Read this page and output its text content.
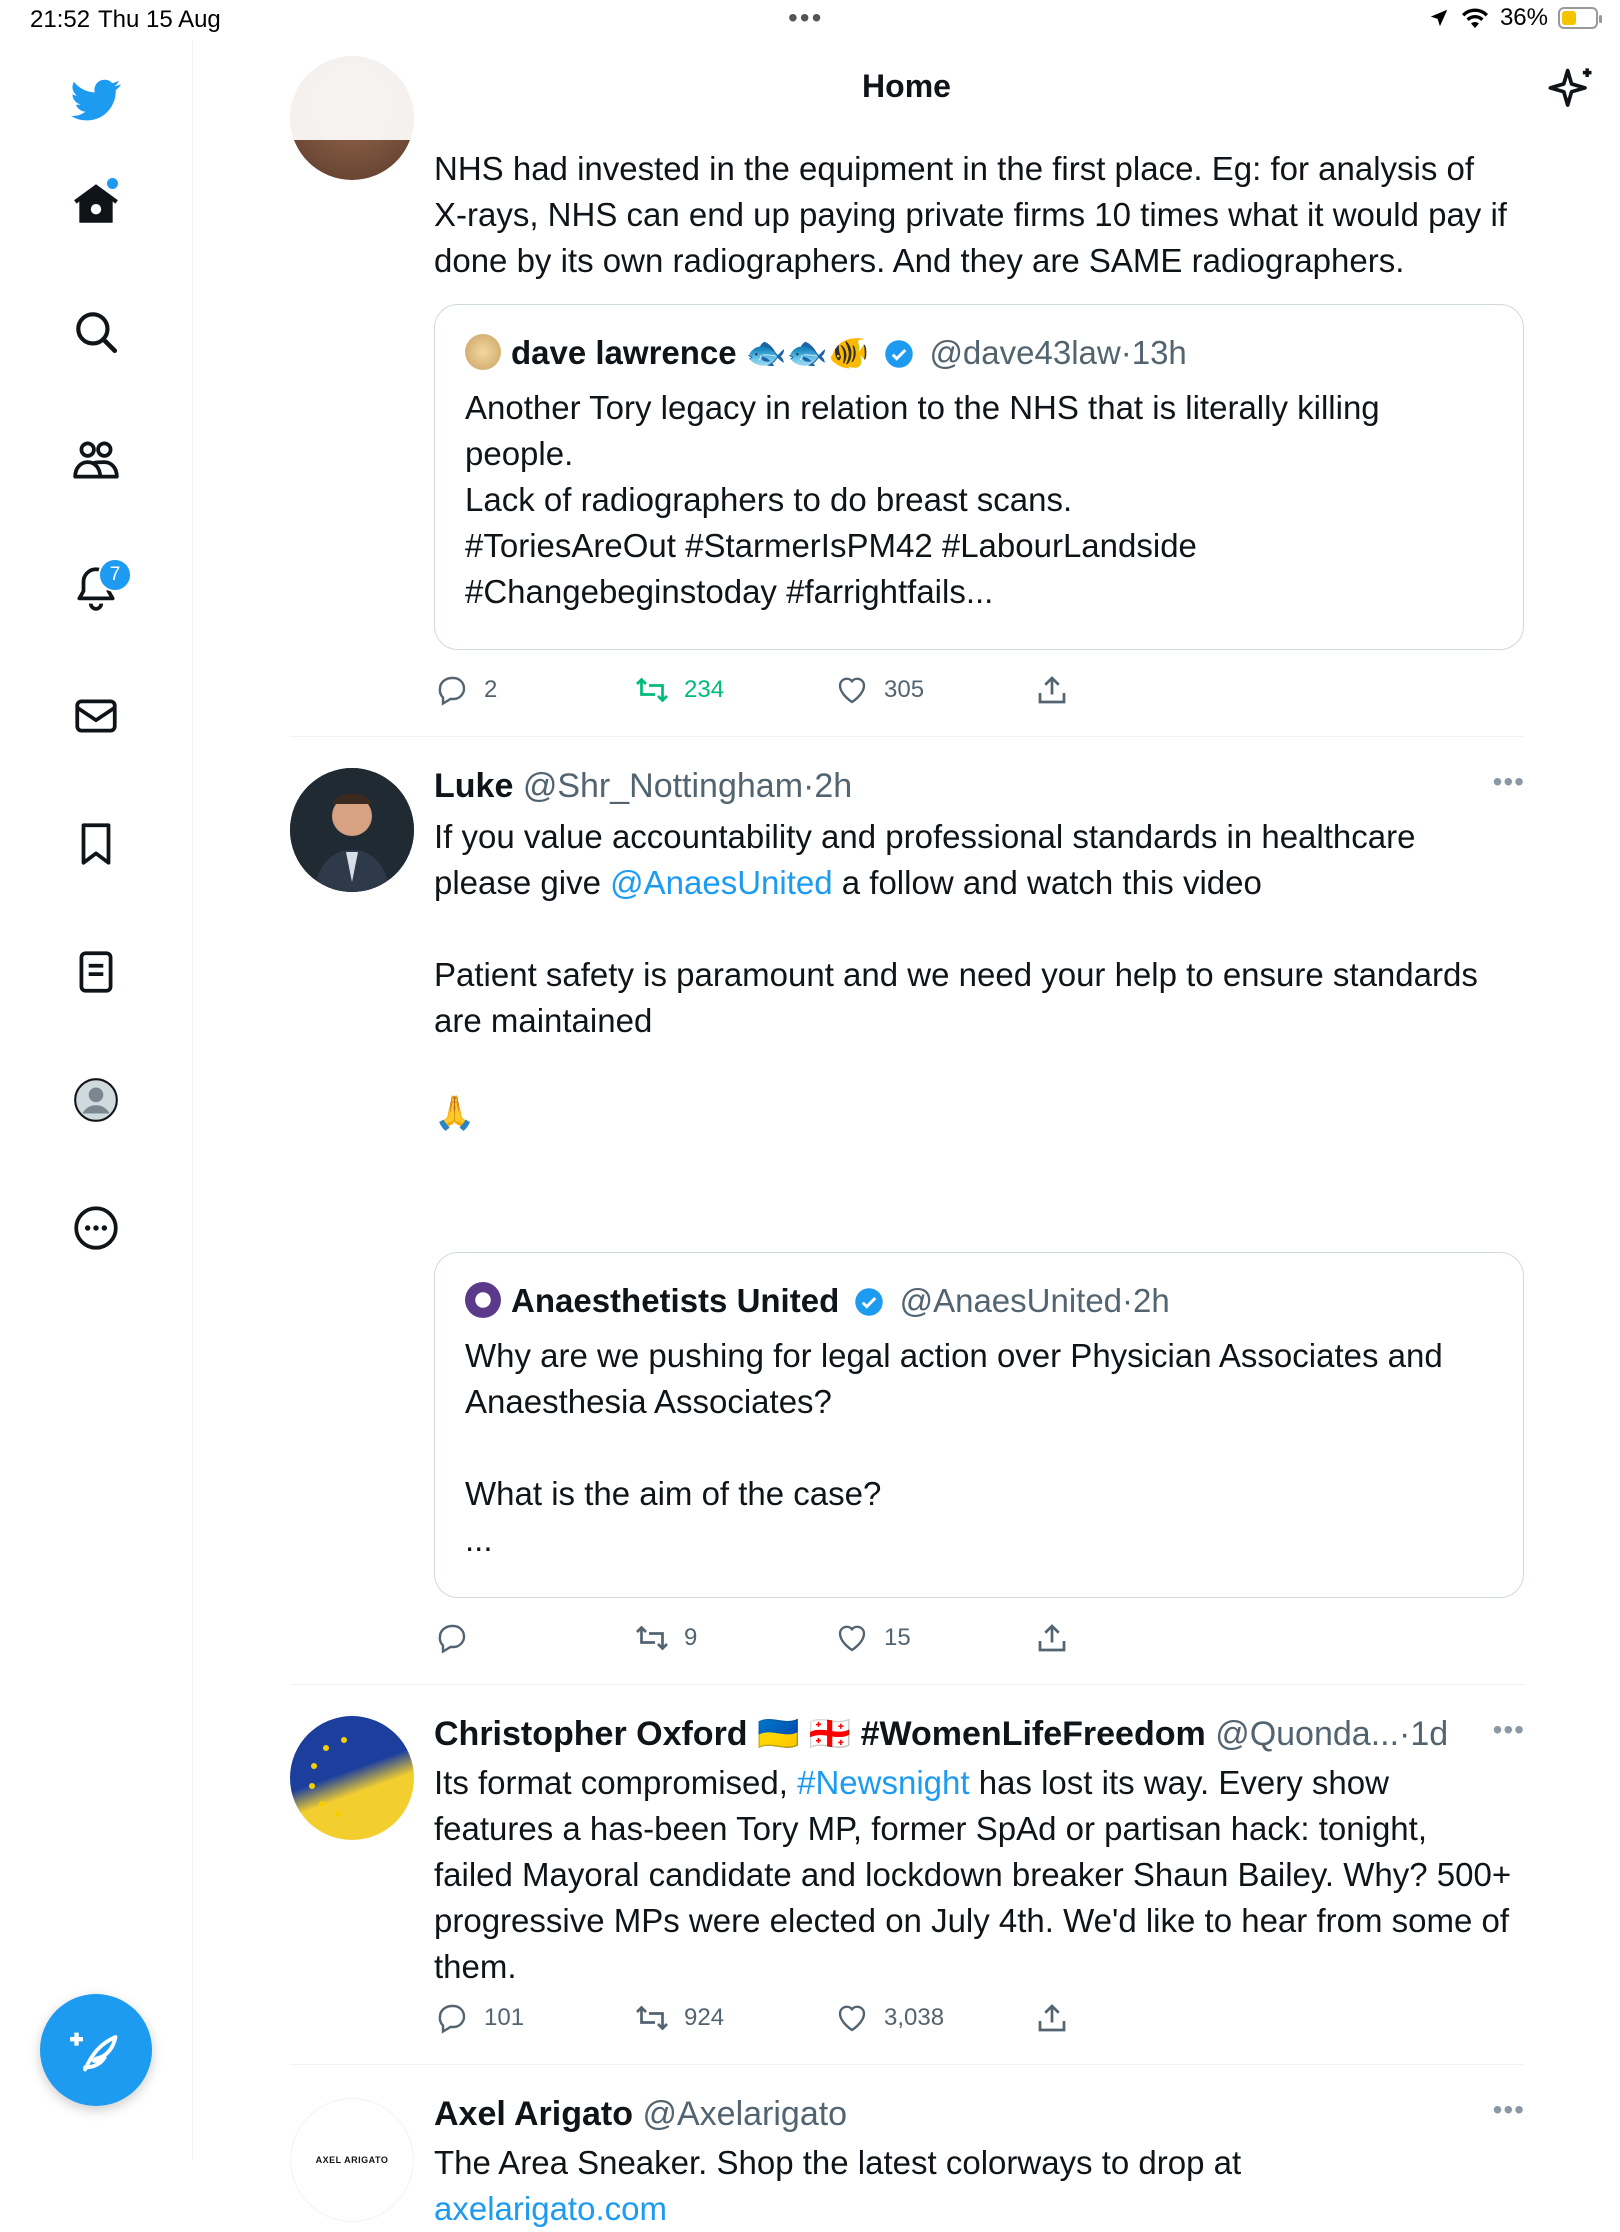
21:52 Thu 15 Aug	•••	36%
7
NHS had invested in the equipment in the first place. Eg: for analysis of X-rays, NHS can end up paying private firms 10 times what it would pay if done by its own radiographers. And they are SAME radiographers.
dave lawrence 🐟🐟🐠 @dave43law·13h
Another Tory legacy in relation to the NHS that is literally killing people.
Lack of radiographers to do breast scans.
#ToriesAreOut #StarmerIsPM42 #LabourLandside
#Changebeginstoday #farrightfails...
2	234	305
Luke @Shr_Nottingham·2h
If you value accountability and professional standards in healthcare please give @AnaesUnited a follow and watch this video

Patient safety is paramount and we need your help to ensure standards are maintained

🙏
•••
Anaesthetists United @AnaesUnited·2h
Why are we pushing for legal action over Physician Associates and Anaesthesia Associates?

What is the aim of the case?
...
9	15
Christopher Oxford 🇺🇦 🇬🇪 #WomenLifeFreedom @Quonda...·1d
Its format compromised, #Newsnight has lost its way. Every show features a has-been Tory MP, former SpAd or partisan hack: tonight, failed Mayoral candidate and lockdown breaker Shaun Bailey. Why? 500+ progressive MPs were elected on July 4th. We'd like to hear from some of them.
•••
101	924	3,038
AXEL ARIGATO
Axel Arigato @Axelarigato
The Area Sneaker. Shop the latest colorways to drop at
axelarigato.com
•••
Home
